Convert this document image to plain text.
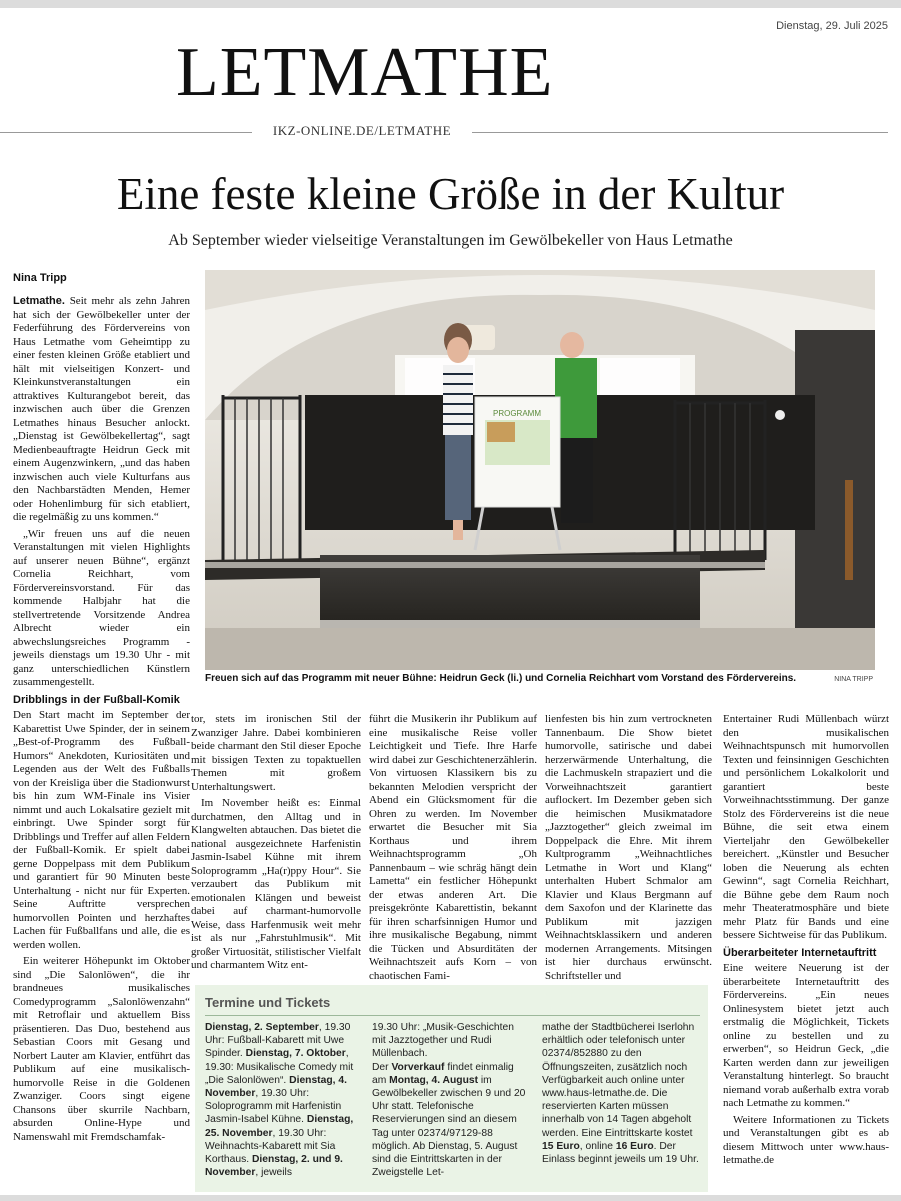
Dienstag, 29. Juli 2025
LETMATHE
IKZ-ONLINE.DE/LETMATHE
Eine feste kleine Größe in der Kultur
Ab September wieder vielseitige Veranstaltungen im Gewölbekeller von Haus Letmathe
Nina Tripp
PROGRAMM
Freuen sich auf das Programm mit neuer Bühne: Heidrun Geck (li.) und Cornelia Reichhart vom Vorstand des Fördervereins.	NINA TRIPP

Letmathe. Seit mehr als zehn Jahren hat sich der Gewölbekeller unter der Federführung des Fördervereins von Haus Letmathe vom Geheimtipp zu einer festen kleinen Größe etabliert und hält mit vielseitigen Konzert- und Kleinkunstveranstaltungen ein attraktives Kulturangebot bereit, das inzwischen auch über die Grenzen Letmathes hinaus Besucher anlockt. „Dienstag ist Gewölbekellertag“, sagt Medienbeauftragte Heidrun Geck mit einem Augenzwinkern, „und das haben inzwischen auch viele Kulturfans aus den Nachbarstädten Menden, Hemer oder Hohenlimburg für sich etabliert, die regelmäßig zu uns kommen.“

„Wir freuen uns auf die neuen Veranstaltungen mit vielen Highlights auf unserer neuen Bühne“, ergänzt Cornelia Reichhart, vom Fördervereinsvorstand. Für das kommende Halbjahr hat die stellvertretende Vorsitzende Andrea Albrecht wieder ein abwechslungsreiches Programm - jeweils dienstags um 19.30 Uhr - mit ganz unterschiedlichen Künstlern zusammengestellt.

Dribblings in der Fußball-Komik

Den Start macht im September der Kabarettist Uwe Spinder, der in seinem „Best-of-Programm des Fußball-Humors“ Anekdoten, Kuriositäten und Legenden aus der Welt des Fußballs von der Kreisliga über die Stadionwurst bis hin zum WM-Finale ins Visier nimmt und auch Lokalsatire gezielt mit einbringt. Uwe Spinder sorgt für Dribblings und Treffer auf allen Feldern der Fußball-Komik. Er spielt dabei gerne Doppelpass mit dem Publikum und garantiert für 90 Minuten beste Unterhaltung - nicht nur für Experten. Seine Auftritte versprechen humorvollen Pointen und herzhaftes Lachen für Fußballfans und alle, die es werden wollen.

Ein weiterer Höhepunkt im Oktober sind „Die Salonlöwen“, die ihr brandneues musikalisches Comedyprogramm „Salonlöwenzahn“ mit Retroflair und aktuellem Biss präsentieren. Das Duo, bestehend aus Sebastian Coors mit Gesang und Norbert Lauter am Klavier, entführt das Publikum auf eine musikalisch-humorvolle Reise in die Goldenen Zwanziger. Coors singt eigene Chansons über skurrile Nachbarn, absurden Online-Hype und Namenswahl mit Fremdschamfak-

tor, stets im ironischen Stil der Zwanziger Jahre. Dabei kombinieren beide charmant den Stil dieser Epoche mit bissigen Texten zu topaktuellen Themen mit großem Unterhaltungswert.

Im November heißt es: Einmal durchatmen, den Alltag und in Klangwelten abtauchen. Das bietet die national ausgezeichnete Harfenistin Jasmin-Isabel Kühne mit ihrem Soloprogramm „Ha(r)ppy Hour“. Sie verzaubert das Publikum mit emotionalen Klängen und beweist dabei auf charmant-humorvolle Weise, dass Harfenmusik weit mehr ist als nur „Fahrstuhlmusik“. Mit großer Virtuosität, stilistischer Vielfalt und charmantem Witz ent-

führt die Musikerin ihr Publikum auf eine musikalische Reise voller Leichtigkeit und Tiefe. Ihre Harfe wird dabei zur Geschichtenerzählerin. Von virtuosen Klassikern bis zu bekannten Melodien verspricht der Abend ein Glücksmoment für die Ohren zu werden. Im November erwartet die Besucher mit Sia Korthaus und ihrem Weihnachtsprogramm „Oh Pannenbaum – wie schräg hängt dein Lametta“ ein festlicher Höhepunkt der etwas anderen Art. Die preisgekrönte Kabarettistin, bekannt für ihren scharfsinnigen Humor und ihre musikalische Begabung, nimmt die Tücken und Absurditäten der Weihnachtszeit aufs Korn – von chaotischen Fami-

lienfesten bis hin zum vertrockneten Tannenbaum. Die Show bietet humorvolle, satirische und dabei herzerwärmende Unterhaltung, die die Lachmuskeln strapaziert und die Vorweihnachtszeit garantiert auflockert. Im Dezember geben sich die heimischen Musikmatadore „Jazztogether“ gleich zweimal im Doppelpack die Ehre. Mit ihrem Kultprogramm „Weihnachtliches Letmathe in Wort und Klang“ unterhalten Hubert Schmalor am Klavier und Klaus Bergmann auf dem Saxofon und der Klarinette das Publikum mit jazzigen Weihnachtsklassikern und anderen modernen Arrangements. Mitsingen ist hier durchaus erwünscht. Schriftsteller und

Entertainer Rudi Müllenbach würzt den musikalischen Weihnachtspunsch mit humorvollen Texten und feinsinnigen Geschichten und persönlichem Lokalkolorit und garantiert beste Vorweihnachtsstimmung. Der ganze Stolz des Fördervereins ist die neue Bühne, die seit etwa einem Vierteljahr den Gewölbekeller bereichert. „Künstler und Besucher loben die Neuerung als echten Gewinn“, sagt Cornelia Reichhart, die Bühne gebe dem Raum noch mehr Theateratmosphäre und biete mehr Platz für Bands und eine bessere Sichtweise für das Publikum.

Überarbeiteter Internetauftritt

Eine weitere Neuerung ist der überarbeitete Internetauftritt des Fördervereins. „Ein neues Onlinesystem bietet jetzt auch erstmalig die Möglichkeit, Tickets online zu bestellen und zu erwerben“, so Heidrun Geck, „die Karten werden dann zur jeweiligen Veranstaltung hinterlegt. So braucht niemand vorab außerhalb extra vorab nach Letmathe zu kommen.“

Weitere Informationen zu Tickets und Veranstaltungen gibt es ab diesem Mittwoch unter www.haus-letmathe.de

Termine und Tickets
Dienstag, 2. September, 19.30 Uhr: Fußball-Kabarett mit Uwe Spinder. Dienstag, 7. Oktober, 19.30: Musikalische Comedy mit „Die Salonlöwen“. Dienstag, 4. November, 19.30 Uhr: Soloprogramm mit Harfenistin Jasmin-Isabel Kühne. Dienstag, 25. November, 19.30 Uhr: Weihnachts-Kabarett mit Sia Korthaus. Dienstag, 2. und 9. November, jeweils
19.30 Uhr: „Musik-Geschichten mit Jazztogether und Rudi Müllenbach.
Der Vorverkauf findet einmalig am Montag, 4. August im Gewölbekeller zwischen 9 und 20 Uhr statt. Telefonische Reservierungen sind an diesem Tag unter 02374/97129-88 möglich. Ab Dienstag, 5. August sind die Eintrittskarten in der Zweigstelle Let-
mathe der Stadtbücherei Iserlohn erhältlich oder telefonisch unter 02374/852880 zu den Öffnungszeiten, zusätzlich noch Verfügbarkeit auch online unter www.haus-letmathe.de. Die reservierten Karten müssen innerhalb von 14 Tagen abgeholt werden. Eine Eintrittskarte kostet 15 Euro, online 16 Euro. Der Einlass beginnt jeweils um 19 Uhr.
